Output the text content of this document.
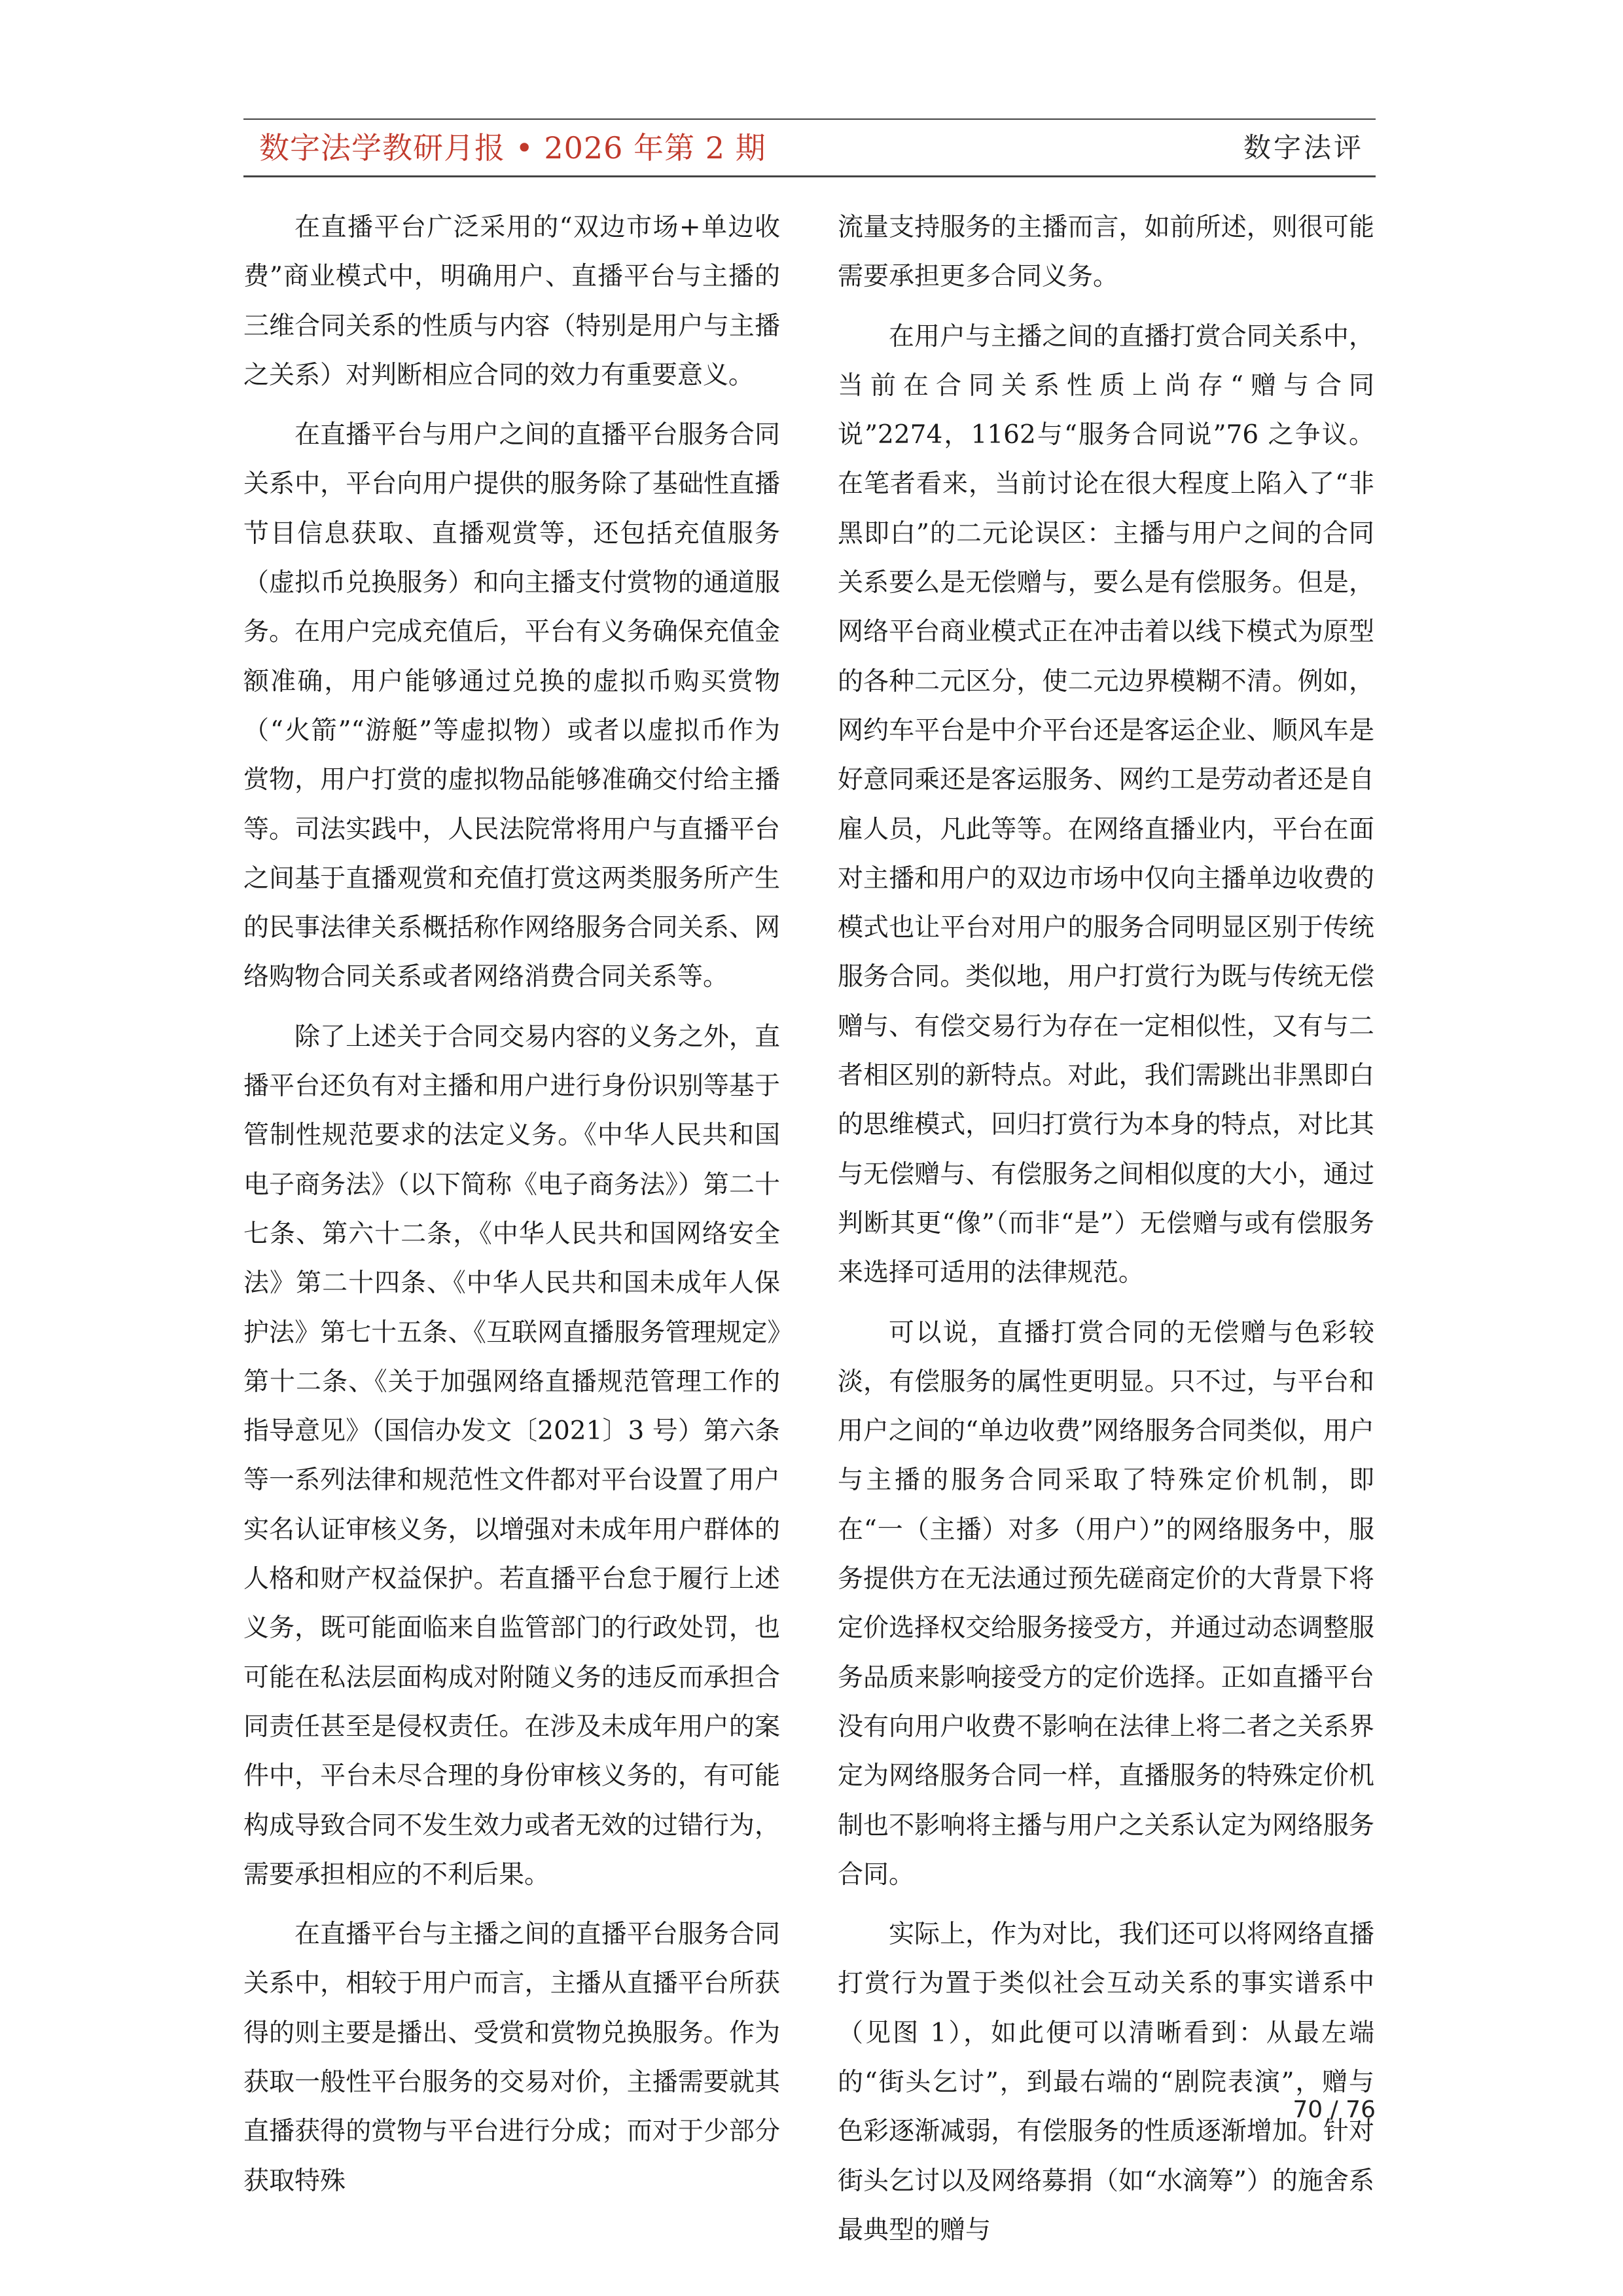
数字法学教研月报 • 2026 年第 2 期	数字法评

在直播平台广泛采用的“双边市场+单边收费”商业模式中，明确用户、直播平台与主播的三维合同关系的性质与内容（特别是用户与主播之关系）对判断相应合同的效力有重要意义。

在直播平台与用户之间的直播平台服务合同关系中，平台向用户提供的服务除了基础性直播节目信息获取、直播观赏等，还包括充值服务（虚拟币兑换服务）和向主播支付赏物的通道服务。在用户完成充值后，平台有义务确保充值金额准确，用户能够通过兑换的虚拟币购买赏物（“火箭”“游艇”等虚拟物）或者以虚拟币作为赏物，用户打赏的虚拟物品能够准确交付给主播等。司法实践中，人民法院常将用户与直播平台之间基于直播观赏和充值打赏这两类服务所产生的民事法律关系概括称作网络服务合同关系、网络购物合同关系或者网络消费合同关系等。

除了上述关于合同交易内容的义务之外，直播平台还负有对主播和用户进行身份识别等基于管制性规范要求的法定义务。《中华人民共和国电子商务法》（以下简称《电子商务法》）第二十七条、第六十二条，《中华人民共和国网络安全法》第二十四条、《中华人民共和国未成年人保护法》第七十五条、《互联网直播服务管理规定》第十二条、《关于加强网络直播规范管理工作的指导意见》（国信办发文〔2021〕3 号）第六条等一系列法律和规范性文件都对平台设置了用户实名认证审核义务，以增强对未成年用户群体的人格和财产权益保护。若直播平台怠于履行上述义务，既可能面临来自监管部门的行政处罚，也可能在私法层面构成对附随义务的违反而承担合同责任甚至是侵权责任。在涉及未成年用户的案件中，平台未尽合理的身份审核义务的，有可能构成导致合同不发生效力或者无效的过错行为，需要承担相应的不利后果。

在直播平台与主播之间的直播平台服务合同关系中，相较于用户而言，主播从直播平台所获得的则主要是播出、受赏和赏物兑换服务。作为获取一般性平台服务的交易对价，主播需要就其直播获得的赏物与平台进行分成；而对于少部分获取特殊

流量支持服务的主播而言，如前所述，则很可能需要承担更多合同义务。

在用户与主播之间的直播打赏合同关系中，当前在合同关系性质上尚存“赠与合同说”2274，1162与“服务合同说”76 之争议。在笔者看来，当前讨论在很大程度上陷入了“非黑即白”的二元论误区：主播与用户之间的合同关系要么是无偿赠与，要么是有偿服务。但是，网络平台商业模式正在冲击着以线下模式为原型的各种二元区分，使二元边界模糊不清。例如，网约车平台是中介平台还是客运企业、顺风车是好意同乘还是客运服务、网约工是劳动者还是自雇人员，凡此等等。在网络直播业内，平台在面对主播和用户的双边市场中仅向主播单边收费的模式也让平台对用户的服务合同明显区别于传统服务合同。类似地，用户打赏行为既与传统无偿赠与、有偿交易行为存在一定相似性，又有与二者相区别的新特点。对此，我们需跳出非黑即白的思维模式，回归打赏行为本身的特点，对比其与无偿赠与、有偿服务之间相似度的大小，通过判断其更“像”（而非“是”）无偿赠与或有偿服务来选择可适用的法律规范。

可以说，直播打赏合同的无偿赠与色彩较淡，有偿服务的属性更明显。只不过，与平台和用户之间的“单边收费”网络服务合同类似，用户与主播的服务合同采取了特殊定价机制，即在“一（主播）对多（用户）”的网络服务中，服务提供方在无法通过预先磋商定价的大背景下将定价选择权交给服务接受方，并通过动态调整服务品质来影响接受方的定价选择。正如直播平台没有向用户收费不影响在法律上将二者之关系界定为网络服务合同一样，直播服务的特殊定价机制也不影响将主播与用户之关系认定为网络服务合同。

实际上，作为对比，我们还可以将网络直播打赏行为置于类似社会互动关系的事实谱系中（见图 1），如此便可以清晰看到：从最左端的“街头乞讨”，到最右端的“剧院表演”，赠与色彩逐渐减弱，有偿服务的性质逐渐增加。针对街头乞讨以及网络募捐（如“水滴筹”）的施舍系最典型的赠与

70 / 76
